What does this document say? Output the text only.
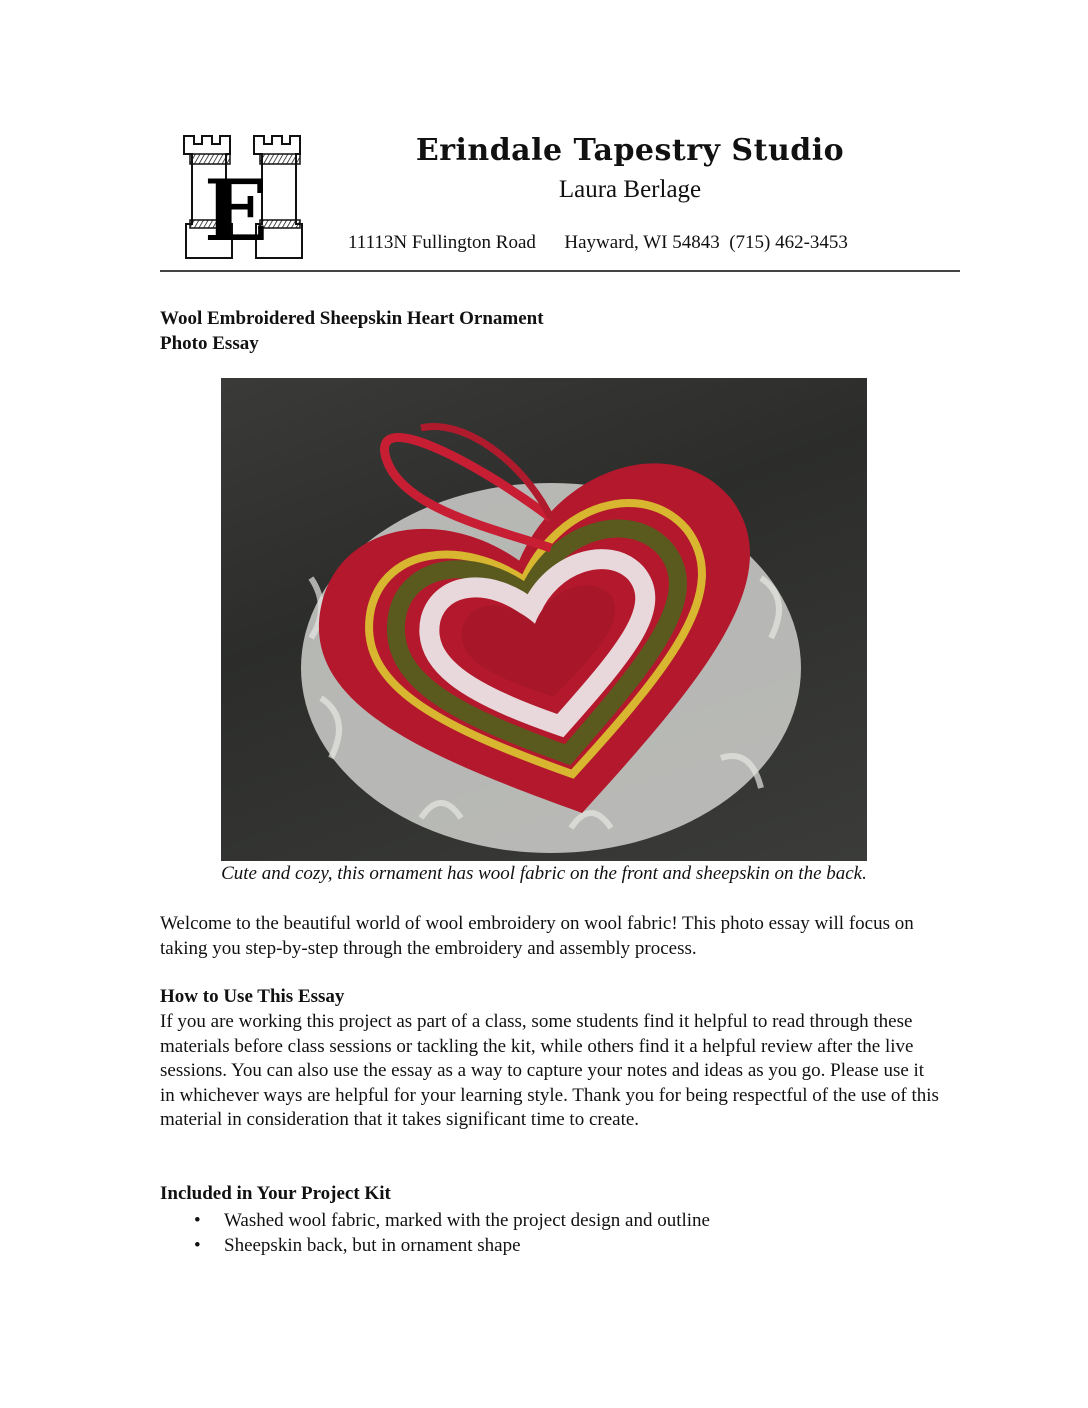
E
Erindale Tapestry Studio
Laura Berlage
11113N Fullington Road      Hayward, WI 54843  (715) 462-3453
Wool Embroidered Sheepskin Heart Ornament
Photo Essay
Cute and cozy, this ornament has wool fabric on the front and sheepskin on the back.
Welcome to the beautiful world of wool embroidery on wool fabric! This photo essay will focus on taking you step-by-step through the embroidery and assembly process.
How to Use This Essay
If you are working this project as part of a class, some students find it helpful to read through these materials before class sessions or tackling the kit, while others find it a helpful review after the live sessions. You can also use the essay as a way to capture your notes and ideas as you go. Please use it in whichever ways are helpful for your learning style. Thank you for being respectful of the use of this material in consideration that it takes significant time to create.
Included in Your Project Kit
• Washed wool fabric, marked with the project design and outline
• Sheepskin back, but in ornament shape
